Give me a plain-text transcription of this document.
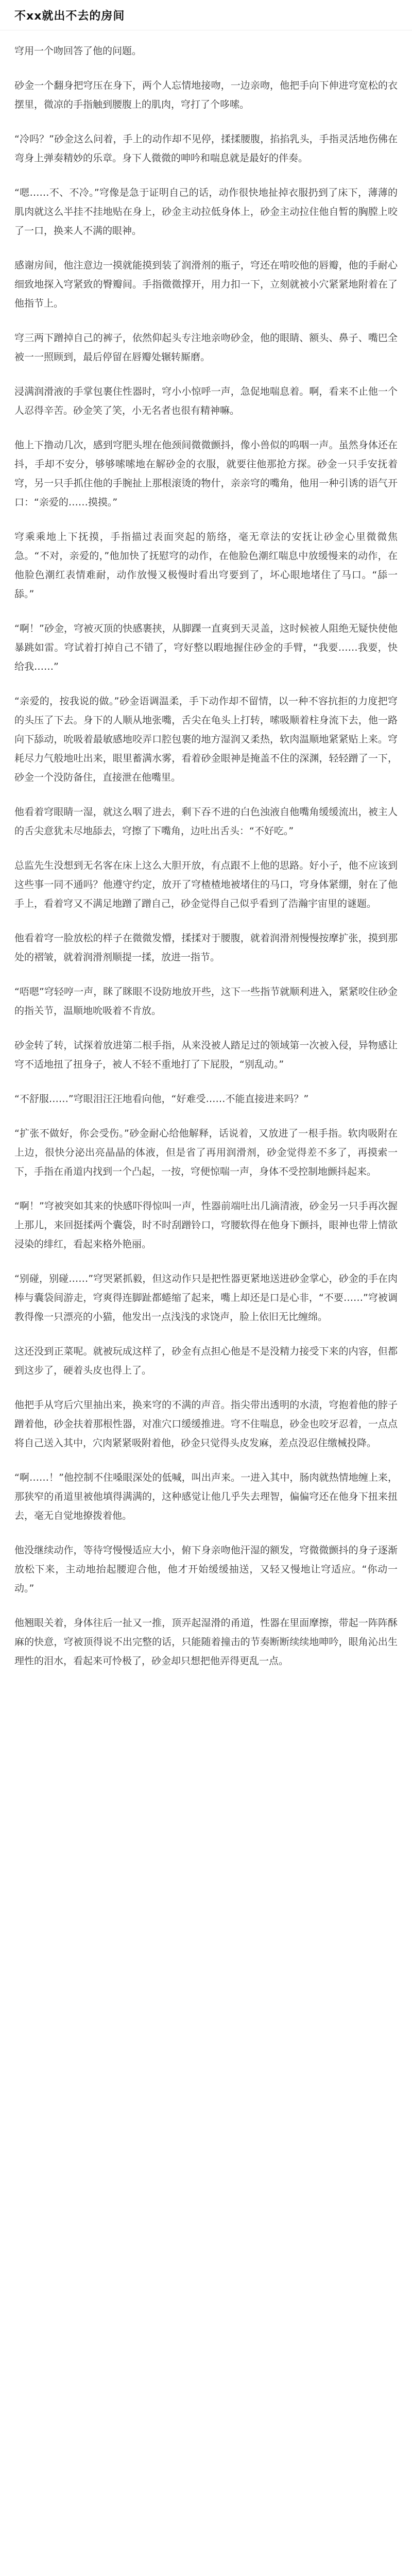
不xx就出不去的房间

穹用一个吻回答了他的问题。

砂金一个翻身把穹压在身下，两个人忘情地接吻，一边亲吻，他把手向下伸进穹宽松的衣摆里，微凉的手指触到腰腹上的肌肉，穹打了个哆嗦。

“冷吗？”砂金这么问着，手上的动作却不见停，揉揉腰腹，掐掐乳头，手指灵活地伤佛在弯身上弹奏精妙的乐章。身下人微微的呻吟和喘息就是最好的伴奏。

“嗯……不、不冷。”穹像是急于证明自己的话，动作很快地扯掉衣服扔到了床下，薄薄的肌肉就这么半挂不挂地贴在身上，砂金主动拉低身体上，砂金主动拉住他自暂的胸膛上咬了一口，换来人不满的眼神。

感谢房间，他注意边一摸就能摸到装了润滑剂的瓶子，穹还在啃咬他的唇瓣，他的手耐心细致地探入穹紧致的臀瓣间。手指微微撑开，用力扣一下，立刻就被小穴紧紧地附着在了他指节上。

穹三两下蹭掉自己的裤子，依然仰起头专注地亲吻砂金，他的眼睛、额头、鼻子、嘴巴全被一一照顾到，最后停留在唇瓣处辗转厮磨。

浸满润滑液的手掌包裹住性器时，穹小小惊呼一声，急促地喘息着。啊，看来不止他一个人忍得辛苦。砂金笑了笑，小无名者也很有精神嘛。

他上下撸动几次，感到穹肥头埋在他颈间微微颤抖，像小兽似的呜咽一声。虽然身体还在抖，手却不安分，够够嗦嗦地在解砂金的衣服，就要往他那抢方探。砂金一只手安抚着穹，另一只手抓住他的手腕扯上那根滚烫的物什，亲亲穹的嘴角，他用一种引诱的语气开口：“亲爱的……摸摸。”

穹乘乘地上下抚摸，手指描过表面突起的筋络，毫无章法的安抚让砂金心里微微焦急。“不对，亲爱的，”他加快了抚慰穹的动作，在他脸色潮红喘息中放缓慢来的动作，在他脸色潮红表情难耐，动作放慢又极慢时看出穹要到了，坏心眼地堵住了马口。“舔一舔。”

“啊！”砂金，穹被灭顶的快感裹挟，从脚踝一直爽到天灵盖，这时候被人阻绝无疑快使他暴跳如雷。穹试着打掉自己不错了，穹好整以暇地握住砂金的手臂，“我要……我要，快给我……”

“亲爱的，按我说的做。”砂金语调温柔，手下动作却不留情，以一种不容抗拒的力度把穹的头压了下去。身下的人顺从地张嘴，舌尖在龟头上打转，嗦吸顺着柱身流下去，他一路向下舔动，吮吸着最敏感地咬弄口腔包裹的地方湿润又柔热，软肉温顺地紧紧贴上来。穹耗尽力气般地吐出来，眼里蓄满水雾，看着砂金眼神是掩盖不住的深渊，轻轻蹭了一下，砂金一个没防备住，直接泄在他嘴里。

他看着穹眼睛一湿，就这么咽了进去，剩下吞不进的白色浊液自他嘴角缓缓流出，被主人的舌尖意犹未尽地舔去，穹擦了下嘴角，边吐出舌头：“不好吃。”

总监先生没想到无名客在床上这么大胆开放，有点跟不上他的思路。好小子，他不应该到这些事一同不通吗？他遵守约定，放开了穹楂楂地被堵住的马口，穹身体紧绷，射在了他手上，看着穹又不满足地蹭了蹭自己，砂金觉得自己似乎看到了浩瀚宇宙里的谜题。

他看着穹一脸放松的样子在微微发懵，揉揉对于腰腹，就着润滑剂慢慢按摩扩张，摸到那处的褶皱，就着润滑剂顺提一揉，放进一指节。

“唔嗯”穹轻哼一声，眯了眯眼不设防地放开些，这下一些指节就顺利进入，紧紧咬住砂金的指关节，温顺地吮吸着不肯放。

砂金转了转，试探着放进第二根手指，从来没被人踏足过的领域第一次被入侵，异物感让穹不适地扭了扭身子，被人不轻不重地打了下屁股，“别乱动。”

“不舒服……”穹眼泪汪汪地看向他，“好难受……不能直接进来吗？”

“扩张不做好，你会受伤。”砂金耐心给他解释，话说着，又放进了一根手指。软肉吸附在上边，很快分泌出亮晶晶的体液，但是省了再用润滑剂，砂金觉得差不多了，再摸索一下，手指在甬道内找到一个凸起，一按，穹便惊喘一声，身体不受控制地颤抖起来。

“啊！”穹被突如其来的快感吓得惊叫一声，性器前端吐出几滴清液，砂金另一只手再次握上那儿，来回挺揉两个囊袋，时不时刮蹭铃口，穹腰软得在他身下颤抖，眼神也带上情欲浸染的绯红，看起来格外艳丽。

“别碰，别碰……”穹哭紧抓毅，但这动作只是把性器更紧地送进砂金掌心，砂金的手在肉棒与囊袋间游走，穹爽得连脚趾都蜷缩了起来，嘴上却还是口是心非，“不要……”穹被调教得像一只漂亮的小猫，他发出一点浅浅的求饶声，脸上依旧无比缠绵。

这还没到正菜呢。就被玩成这样了，砂金有点担心他是不是没精力接受下来的内容，但都到这步了，硬着头皮也得上了。

他把手从穹后穴里抽出来，换来穹的不满的声音。指尖带出透明的水渍，穹抱着他的脖子蹭着他，砂金扶着那根性器，对准穴口缓缓推进。穹不住喘息，砂金也咬牙忍着，一点点将自己送入其中，穴肉紧紧吸附着他，砂金只觉得头皮发麻，差点没忍住缴械投降。

“啊……！”他控制不住嗓眼深处的低喊，叫出声来。一进入其中，肠肉就热情地缠上来，那狭窄的甬道里被他填得满满的，这种感觉让他几乎失去理智，偏偏穹还在他身下扭来扭去，毫无自觉地撩拨着他。

他没继续动作，等待穹慢慢适应大小，俯下身亲吻他汗湿的额发，穹微微颤抖的身子逐渐放松下来，主动地抬起腰迎合他，他才开始缓缓抽送，又轻又慢地让穹适应。“你动一动。”

他翘眼关着，身体往后一扯又一推，顶弄起湿滑的甬道，性器在里面摩擦，带起一阵阵酥麻的快意，穹被顶得说不出完整的话，只能随着撞击的节奏断断续续地呻吟，眼角沁出生理性的泪水，看起来可怜极了，砂金却只想把他弄得更乱一点。
